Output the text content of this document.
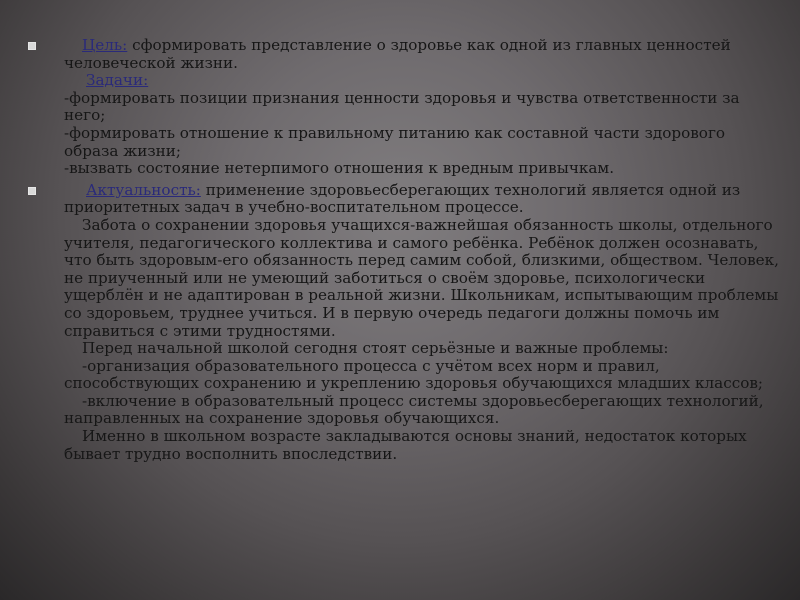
Цель: сформировать представление о здоровье как одной из главных ценностей человеческой жизни.

Задачи:

-формировать позиции признания ценности здоровья и чувства ответственности за него;

-формировать отношение к правильному питанию как составной части здорового образа жизни;

-вызвать состояние нетерпимого отношения к вредным привычкам.

Актуальность: применение здоровьесберегающих технологий является одной из приоритетных задач в учебно-воспитательном процессе.

Забота о сохранении здоровья учащихся-важнейшая обязанность школы, отдельного учителя, педагогического коллектива и самого ребёнка. Ребёнок должен осознавать, что быть здоровым-его обязанность перед самим собой, близкими, обществом. Человек, не приученный или не умеющий заботиться о своём здоровье, психологически ущерблён и не адаптирован в реальной жизни. Школьникам, испытывающим проблемы со здоровьем, труднее учиться. И в первую очередь педагоги должны помочь им справиться с этими трудностями.

Перед начальной школой сегодня стоят серьёзные и важные проблемы:

-организация образовательного процесса с учётом всех норм и правил, способствующих сохранению и укреплению здоровья обучающихся младших классов;

-включение в образовательный процесс системы здоровьесберегающих технологий, направленных на сохранение здоровья обучающихся.

Именно в школьном возрасте закладываются основы знаний, недостаток которых бывает трудно восполнить впоследствии.
